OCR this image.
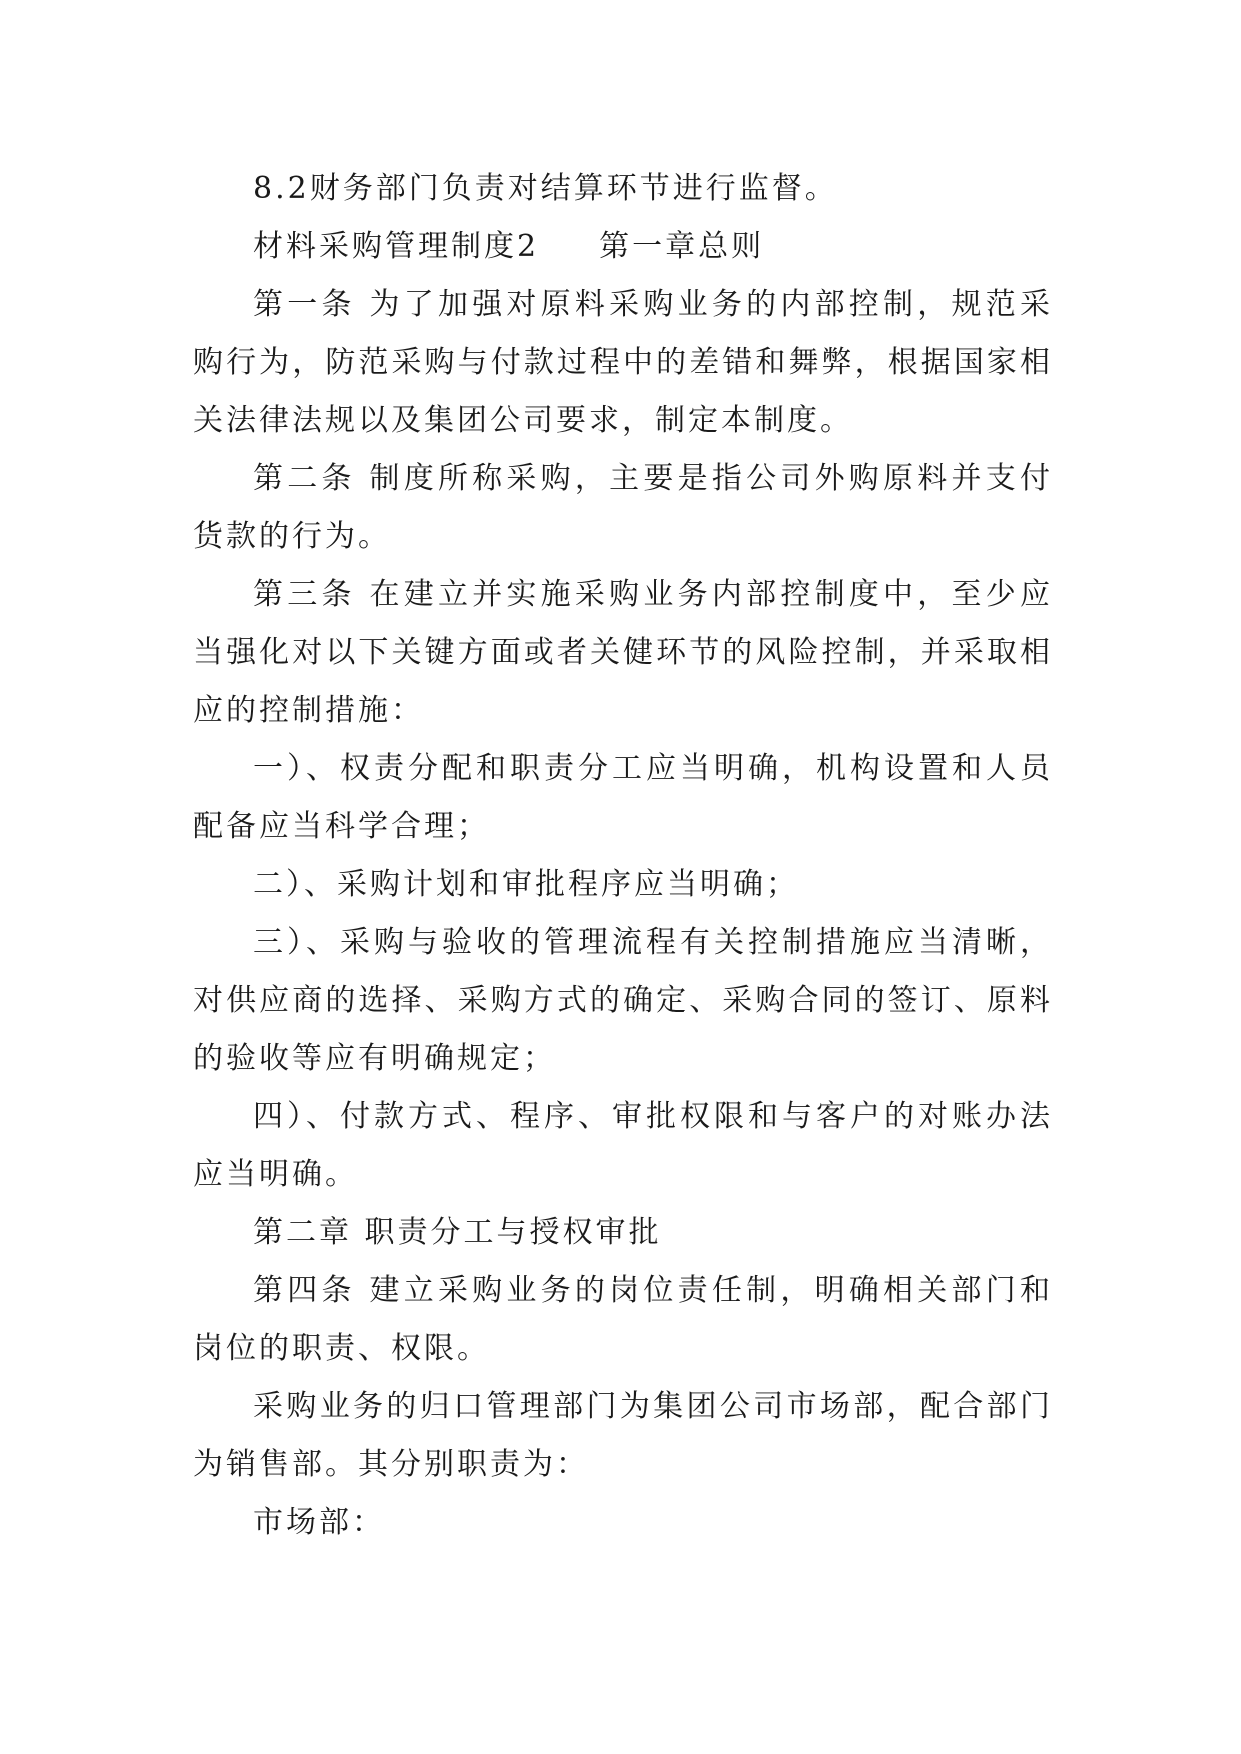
8.2财务部门负责对结算环节进行监督。

材料采购管理制度2 第一章总则

第一条 为了加强对原料采购业务的内部控制，规范采购行为，防范采购与付款过程中的差错和舞弊，根据国家相关法律法规以及集团公司要求，制定本制度。

第二条 制度所称采购，主要是指公司外购原料并支付货款的行为。

第三条 在建立并实施采购业务内部控制度中，至少应当强化对以下关键方面或者关健环节的风险控制，并采取相应的控制措施：

一）、权责分配和职责分工应当明确，机构设置和人员配备应当科学合理；

二）、采购计划和审批程序应当明确；

三）、采购与验收的管理流程有关控制措施应当清晰，对供应商的选择、采购方式的确定、采购合同的签订、原料的验收等应有明确规定；

四）、付款方式、程序、审批权限和与客户的对账办法应当明确。

第二章 职责分工与授权审批

第四条 建立采购业务的岗位责任制，明确相关部门和岗位的职责、权限。

采购业务的归口管理部门为集团公司市场部，配合部门为销售部。其分别职责为：

市场部：
